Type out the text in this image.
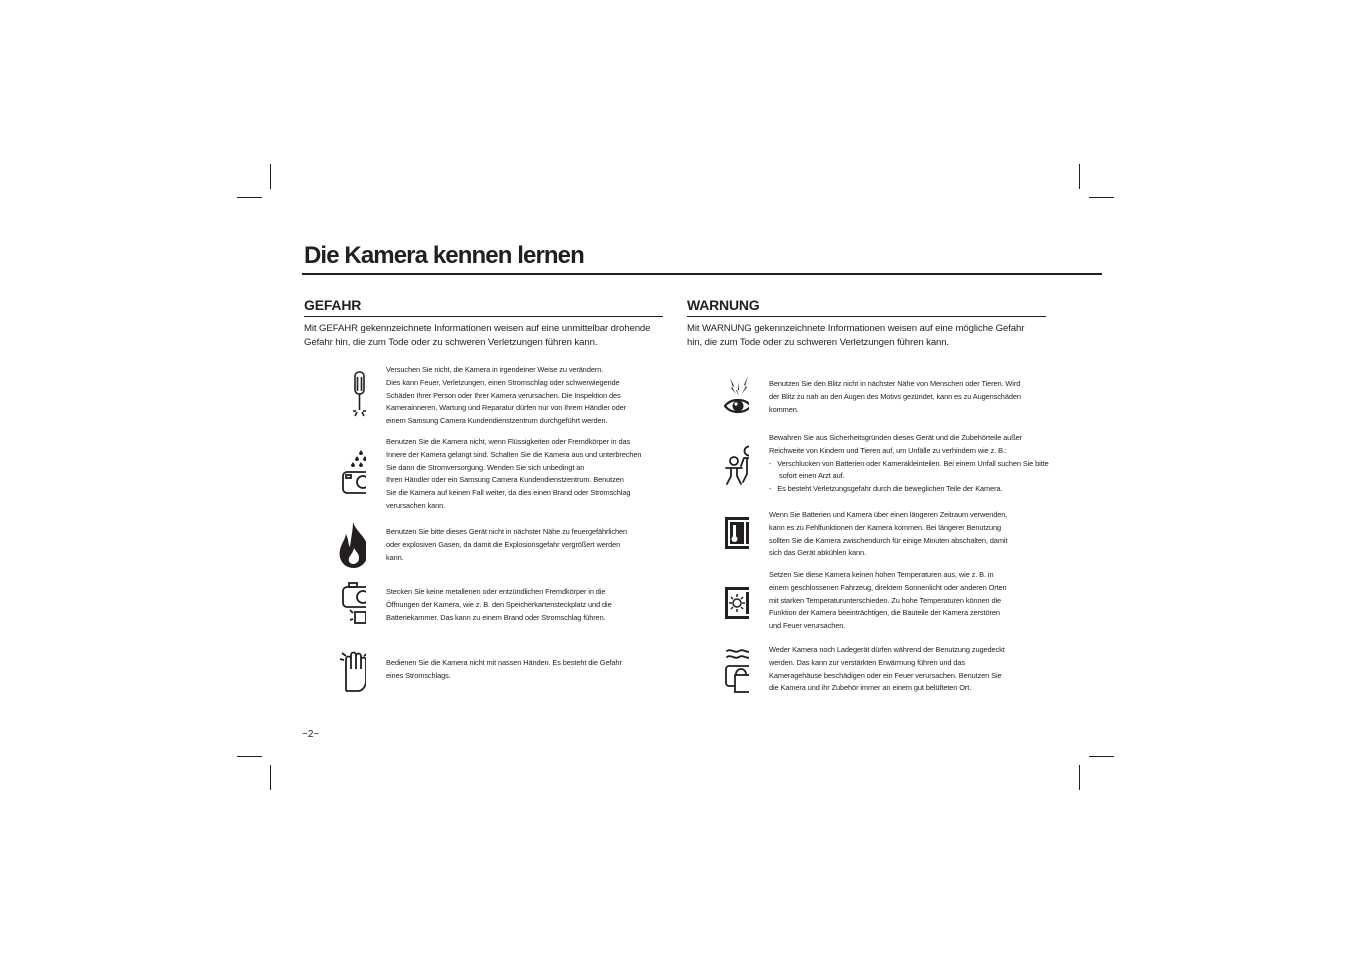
Die Kamera kennen lernen
GEFAHR

Mit GEFAHR gekennzeichnete Informationen weisen auf eine unmittelbar drohende
Gefahr hin, die zum Tode oder zu schweren Verletzungen führen kann.

Versuchen Sie nicht, die Kamera in irgendeiner Weise zu verändern.
Dies kann Feuer, Verletzungen, einen Stromschlag oder schwerwiegende
Schäden Ihrer Person oder Ihrer Kamera verursachen. Die Inspektion des
Kamerainneren, Wartung und Reparatur dürfen nur von Ihrem Händler oder
einem Samsung Camera Kundendienstzentrum durchgeführt werden.

Benutzen Sie die Kamera nicht, wenn Flüssigkeiten oder Fremdkörper in das
Innere der Kamera gelangt sind. Schalten Sie die Kamera aus und unterbrechen
Sie dann die Stromversorgung. Wenden Sie sich unbedingt an
Ihren Händler oder ein Samsung Camera Kundendienstzentrum. Benutzen
Sie die Kamera auf keinen Fall weiter, da dies einen Brand oder Stromschlag
verursachen kann.

Benutzen Sie bitte dieses Gerät nicht in nächster Nähe zu feuergefährlichen
oder explosiven Gasen, da damit die Explosionsgefahr vergrößert werden
kann.

Stecken Sie keine metallenen oder entzündlichen Fremdkörper in die
Öffnungen der Kamera, wie z. B. den Speicherkartensteckplatz und die
Batteriekammer. Das kann zu einem Brand oder Stromschlag führen.

Bedienen Sie die Kamera nicht mit nassen Händen. Es besteht die Gefahr
eines Stromschlags.

WARNUNG

Mit WARNUNG gekennzeichnete Informationen weisen auf eine mögliche Gefahr
hin, die zum Tode oder zu schweren Verletzungen führen kann.

Benutzen Sie den Blitz nicht in nächster Nähe von Menschen oder Tieren. Wird
der Blitz zu nah an den Augen des Motivs gezündet, kann es zu Augenschäden
kommen.

Bewahren Sie aus Sicherheitsgründen dieses Gerät und die Zubehörteile außer
Reichweite von Kindern und Tieren auf, um Unfälle zu verhindern wie z. B.:
- Verschlucken von Batterien oder Kamerakleinteilen. Bei einem Unfall suchen Sie bitte sofort einen Arzt auf.
- Es besteht Verletzungsgefahr durch die beweglichen Teile der Kamera.

Wenn Sie Batterien und Kamera über einen längeren Zeitraum verwenden,
kann es zu Fehlfunktionen der Kamera kommen. Bei längerer Benutzung
sollten Sie die Kamera zwischendurch für einige Minuten abschalten, damit
sich das Gerät abkühlen kann.

Setzen Sie diese Kamera keinen hohen Temperaturen aus, wie z. B. in
einem geschlossenen Fahrzeug, direktem Sonnenlicht oder anderen Orten
mit starken Temperaturunterschieden. Zu hohe Temperaturen können die
Funktion der Kamera beeinträchtigen, die Bauteile der Kamera zerstören
und Feuer verursachen.

Weder Kamera noch Ladegerät dürfen während der Benutzung zugedeckt
werden. Das kann zur verstärkten Erwärmung führen und das
Kameragehäuse beschädigen oder ein Feuer verursachen. Benutzen Sie
die Kamera und ihr Zubehör immer an einem gut belüfteten Ort.

~2~
